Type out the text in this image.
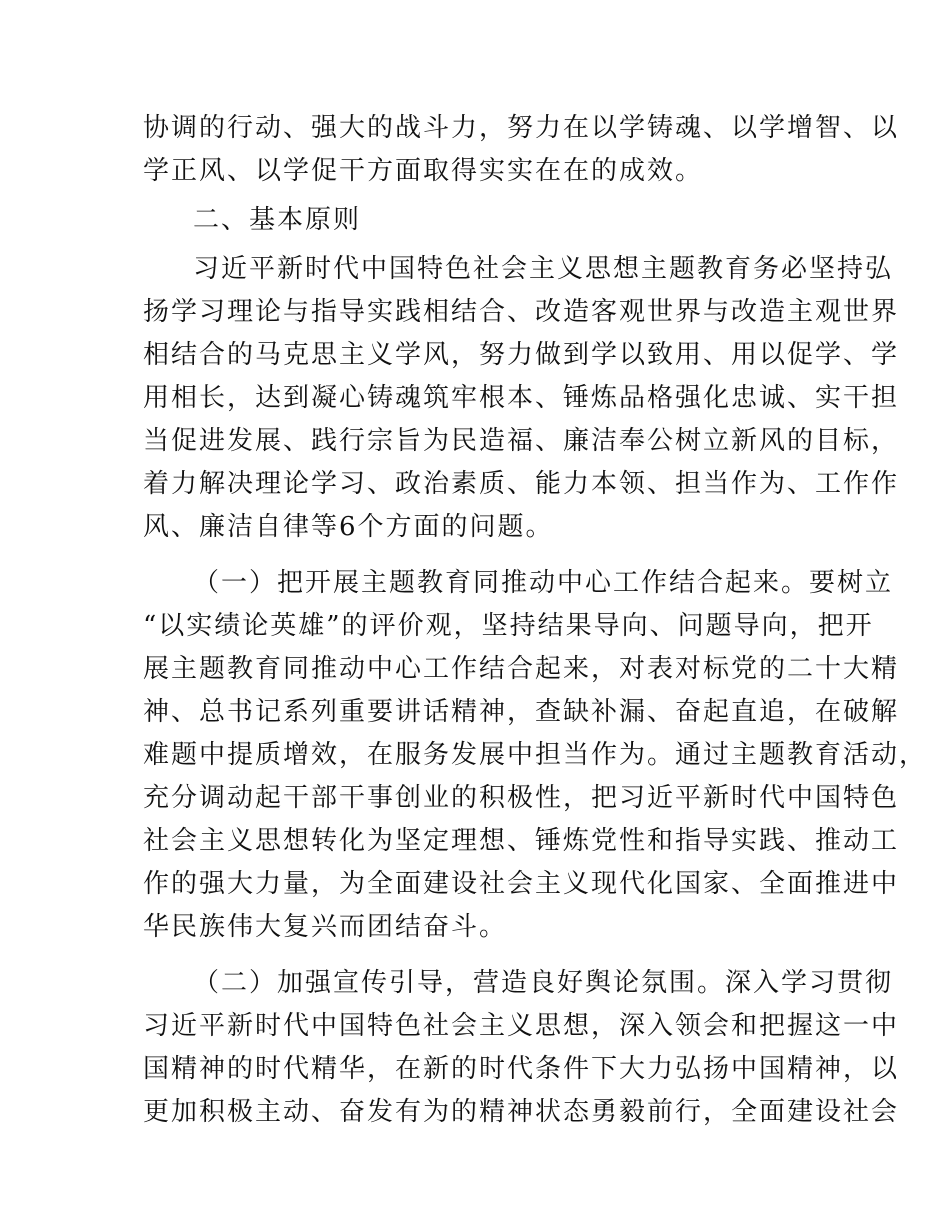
协调的行动、强大的战斗力，努力在以学铸魂、以学增智、以
学正风、以学促干方面取得实实在在的成效。
二、基本原则
习近平新时代中国特色社会主义思想主题教育务必坚持弘
扬学习理论与指导实践相结合、改造客观世界与改造主观世界
相结合的马克思主义学风，努力做到学以致用、用以促学、学
用相长，达到凝心铸魂筑牢根本、锤炼品格强化忠诚、实干担
当促进发展、践行宗旨为民造福、廉洁奉公树立新风的目标，
着力解决理论学习、政治素质、能力本领、担当作为、工作作
风、廉洁自律等6个方面的问题。
（一）把开展主题教育同推动中心工作结合起来。要树立
“以实绩论英雄”的评价观，坚持结果导向、问题导向，把开
展主题教育同推动中心工作结合起来，对表对标党的二十大精
神、总书记系列重要讲话精神，查缺补漏、奋起直追，在破解
难题中提质增效，在服务发展中担当作为。通过主题教育活动，
充分调动起干部干事创业的积极性，把习近平新时代中国特色
社会主义思想转化为坚定理想、锤炼党性和指导实践、推动工
作的强大力量，为全面建设社会主义现代化国家、全面推进中
华民族伟大复兴而团结奋斗。
（二）加强宣传引导，营造良好舆论氛围。深入学习贯彻
习近平新时代中国特色社会主义思想，深入领会和把握这一中
国精神的时代精华，在新的时代条件下大力弘扬中国精神，以
更加积极主动、奋发有为的精神状态勇毅前行，全面建设社会
